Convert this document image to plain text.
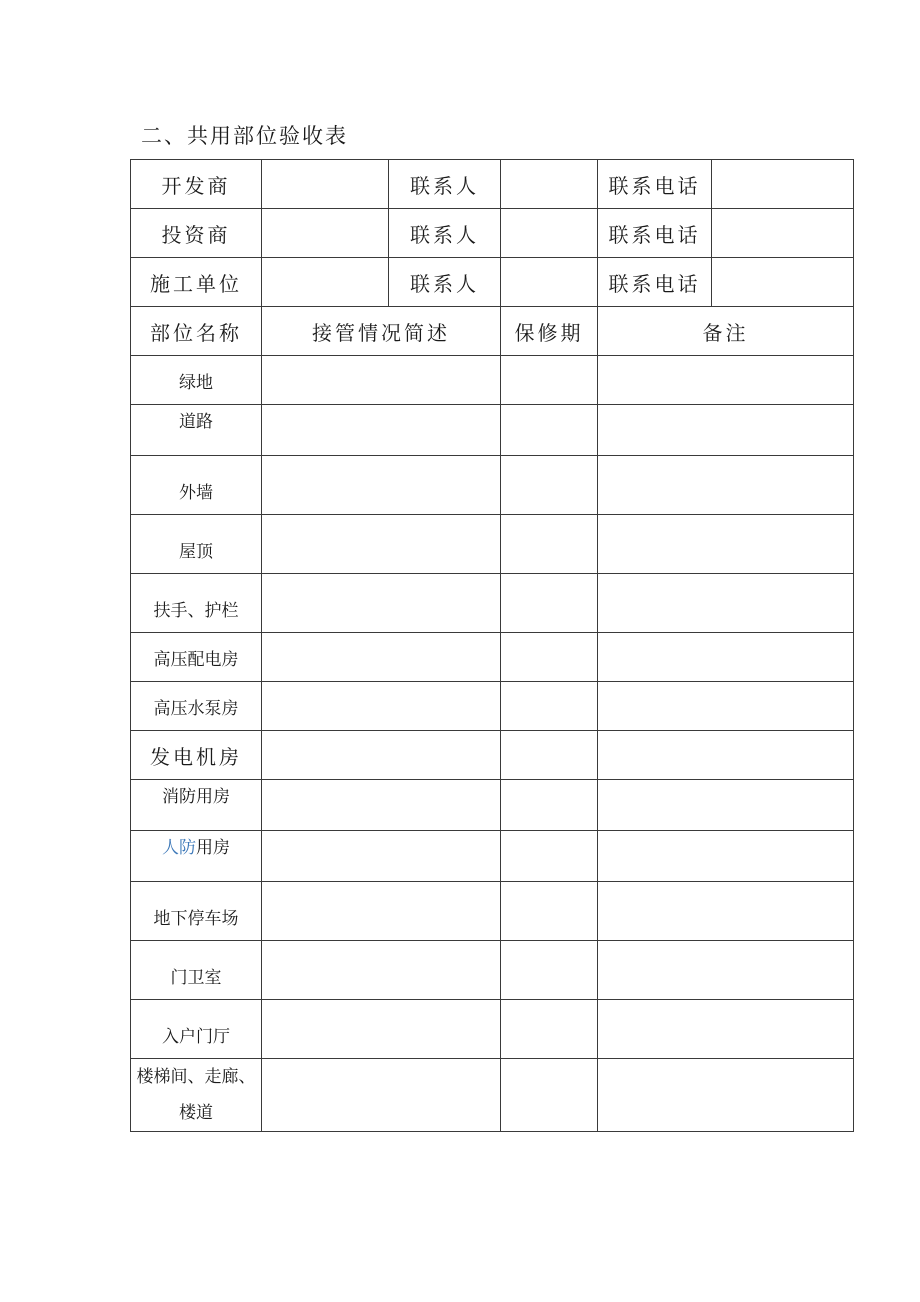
二、共用部位验收表
开发商		联系人		联系电话	
投资商		联系人		联系电话	
施工单位		联系人		联系电话	
部位名称	接管情况简述		保修期	备注	
绿地					
道路					
外墙					
屋顶					
扶手、护栏					
高压配电房					
高压水泵房					
发电机房					
消防用房					
人防用房					
地下停车场					
门卫室					
入户门厅					

楼梯间、走廊、
楼道					
